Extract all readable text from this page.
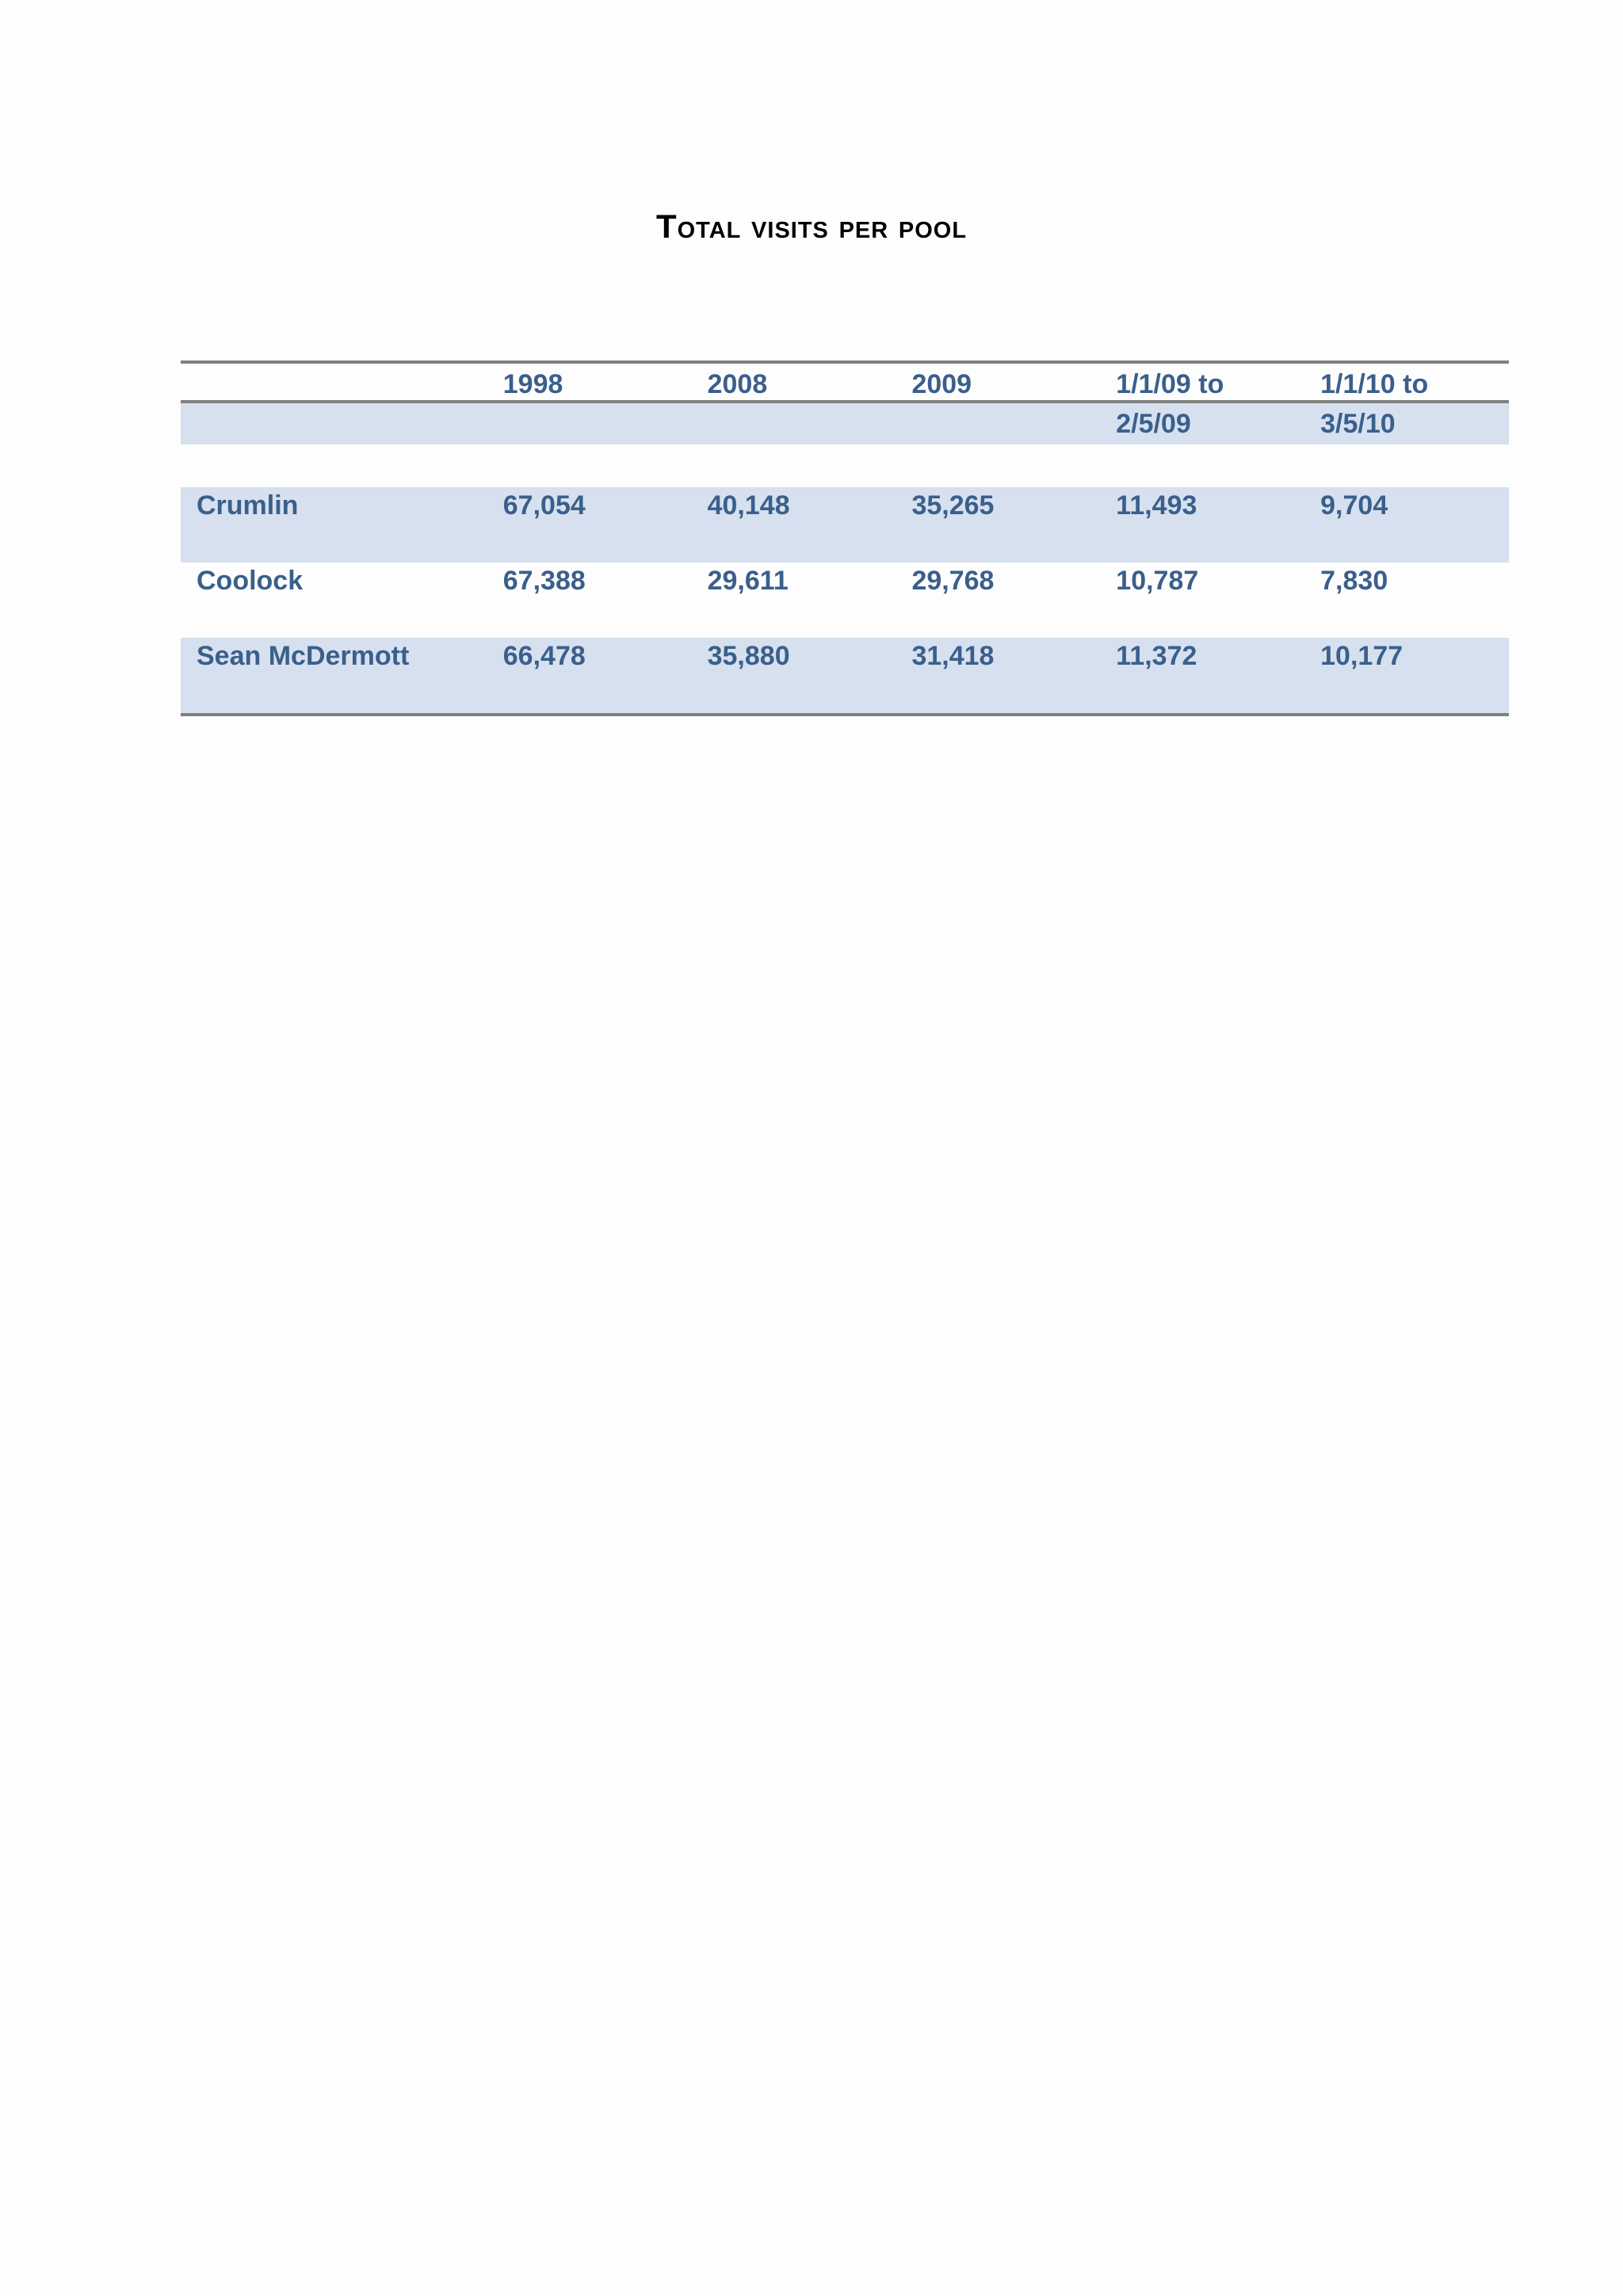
Total visits per pool
	1998	2008	2009	1/1/09 to	1/1/10 to
				2/5/09	3/5/10

Crumlin	67,054	40,148	35,265	11,493	9,704
Coolock	67,388	29,611	29,768	10,787	7,830
Sean McDermott	66,478	35,880	31,418	11,372	10,177
